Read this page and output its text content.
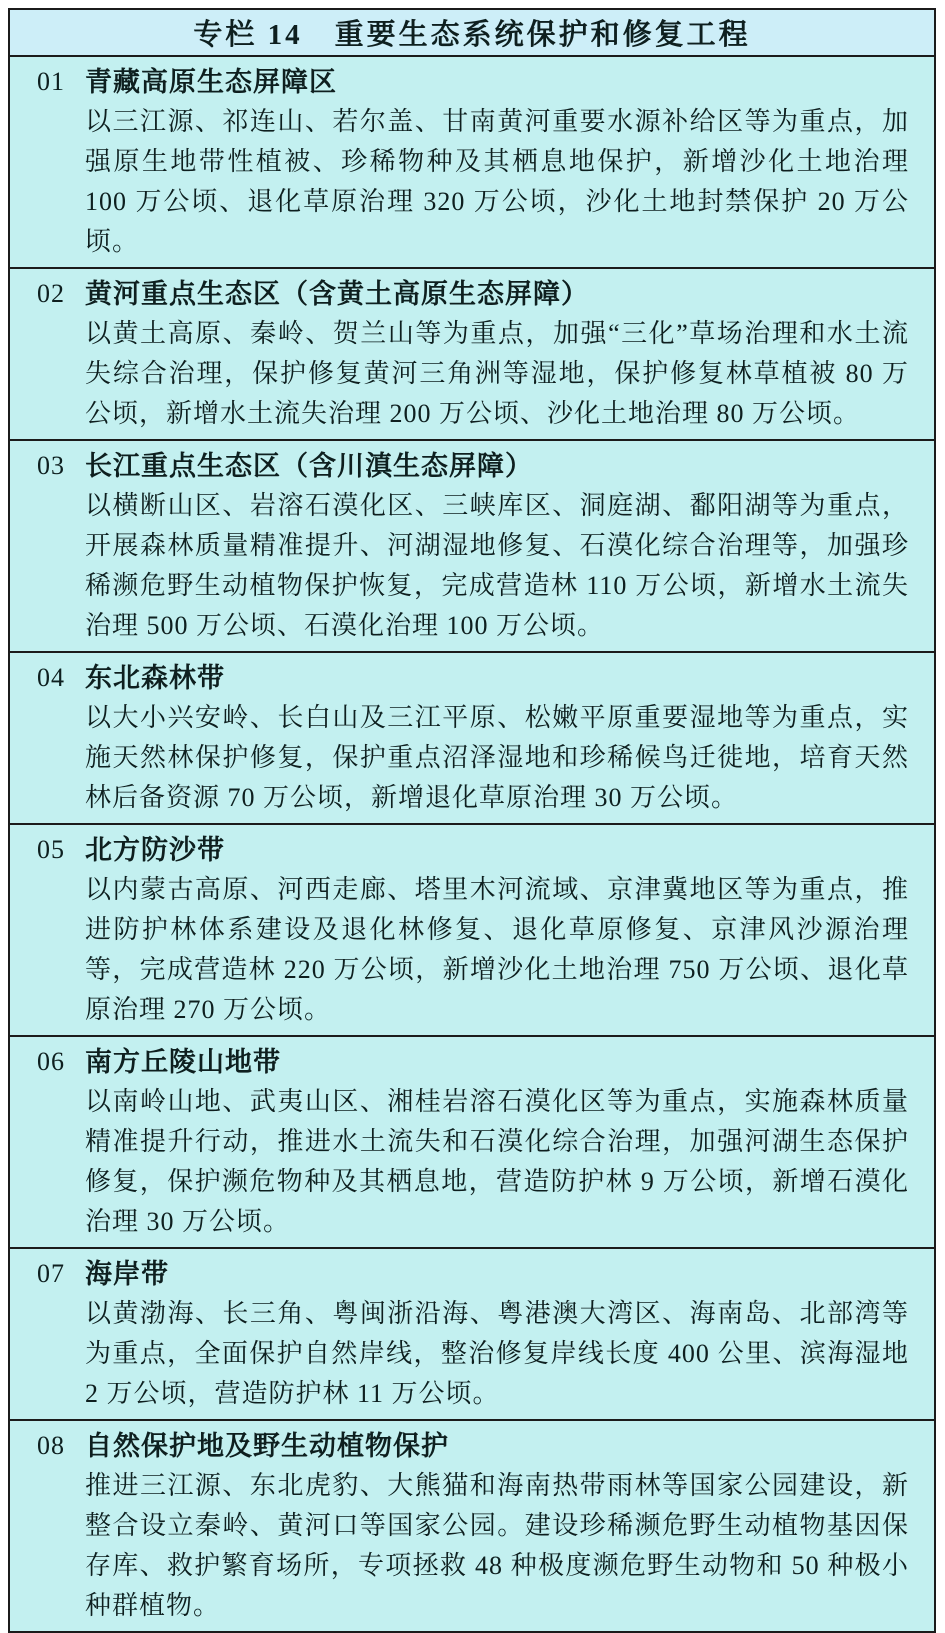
专栏 14　重要生态系统保护和修复工程
01 青藏高原生态屏障区
以三江源、祁连山、若尔盖、甘南黄河重要水源补给区等为重点，加强原生地带性植被、珍稀物种及其栖息地保护，新增沙化土地治理 100 万公顷、退化草原治理 320 万公顷，沙化土地封禁保护 20 万公顷。
02 黄河重点生态区（含黄土高原生态屏障）
以黄土高原、秦岭、贺兰山等为重点，加强“三化”草场治理和水土流失综合治理，保护修复黄河三角洲等湿地，保护修复林草植被 80 万公顷，新增水土流失治理 200 万公顷、沙化土地治理 80 万公顷。
03 长江重点生态区（含川滇生态屏障）
以横断山区、岩溶石漠化区、三峡库区、洞庭湖、鄱阳湖等为重点，开展森林质量精准提升、河湖湿地修复、石漠化综合治理等，加强珍稀濒危野生动植物保护恢复，完成营造林 110 万公顷，新增水土流失治理 500 万公顷、石漠化治理 100 万公顷。
04 东北森林带
以大小兴安岭、长白山及三江平原、松嫩平原重要湿地等为重点，实施天然林保护修复，保护重点沼泽湿地和珍稀候鸟迁徙地，培育天然林后备资源 70 万公顷，新增退化草原治理 30 万公顷。
05 北方防沙带
以内蒙古高原、河西走廊、塔里木河流域、京津冀地区等为重点，推进防护林体系建设及退化林修复、退化草原修复、京津风沙源治理等，完成营造林 220 万公顷，新增沙化土地治理 750 万公顷、退化草原治理 270 万公顷。
06 南方丘陵山地带
以南岭山地、武夷山区、湘桂岩溶石漠化区等为重点，实施森林质量精准提升行动，推进水土流失和石漠化综合治理，加强河湖生态保护修复，保护濒危物种及其栖息地，营造防护林 9 万公顷，新增石漠化治理 30 万公顷。
07 海岸带
以黄渤海、长三角、粤闽浙沿海、粤港澳大湾区、海南岛、北部湾等为重点，全面保护自然岸线，整治修复岸线长度 400 公里、滨海湿地 2 万公顷，营造防护林 11 万公顷。
08 自然保护地及野生动植物保护
推进三江源、东北虎豹、大熊猫和海南热带雨林等国家公园建设，新整合设立秦岭、黄河口等国家公园。建设珍稀濒危野生动植物基因保存库、救护繁育场所，专项拯救 48 种极度濒危野生动物和 50 种极小种群植物。
